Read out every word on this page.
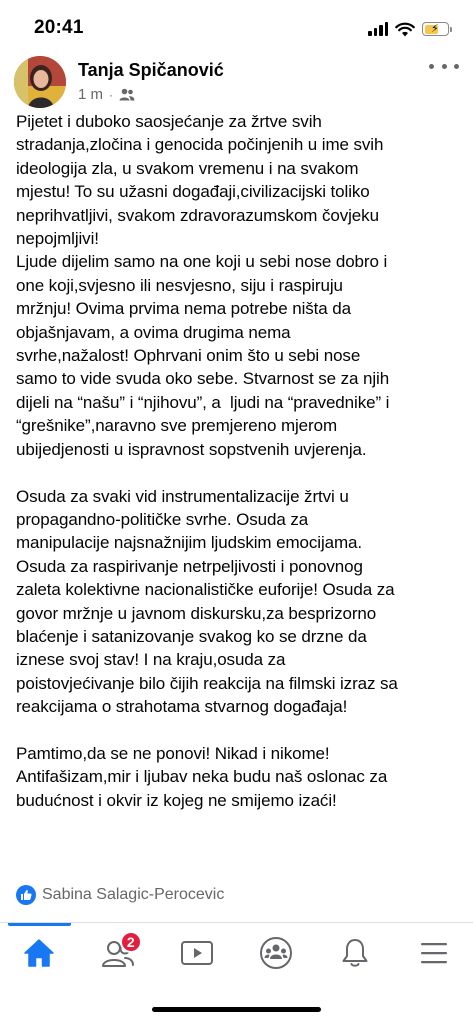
20:41	⚡
Tanja Spičanović
1 m ·
Pijetet i duboko saosjećanje za žrtve svih
stradanja,zločina i genocida počinjenih u ime svih
ideologija zla, u svakom vremenu i na svakom
mjestu! To su užasni događaji,civilizacijski toliko
neprihvatljivi, svakom zdravorazumskom čovjeku
nepojmljivi!
Ljude dijelim samo na one koji u sebi nose dobro i
one koji,svjesno ili nesvjesno, siju i raspiruju
mržnju! Ovima prvima nema potrebe ništa da
objašnjavam, a ovima drugima nema
svrhe,nažalost! Ophrvani onim što u sebi nose
samo to vide svuda oko sebe. Stvarnost se za njih
dijeli na “našu” i “njihovu”, a  ljudi na “pravednike” i
“grešnike”,naravno sve premjereno mjerom
ubijedjenosti u ispravnost sopstvenih uvjerenja.

Osuda za svaki vid instrumentalizacije žrtvi u
propagandno-političke svrhe. Osuda za
manipulacije najsnažnijim ljudskim emocijama.
Osuda za raspirivanje netrpeljivosti i ponovnog
zaleta kolektivne nacionalističke euforije! Osuda za
govor mržnje u javnom diskursku,za besprizorno
blaćenje i satanizovanje svakog ko se drzne da
iznese svoj stav! I na kraju,osuda za
poistovjećivanje bilo čijih reakcija na filmski izraz sa
reakcijama o strahotama stvarnog događaja!

Pamtimo,da se ne ponovi! Nikad i nikome!
Antifašizam,mir i ljubav neka budu naš oslonac za
budućnost i okvir iz kojeg ne smijemo izaći!
Sabina Salagic-Perocevic
2
